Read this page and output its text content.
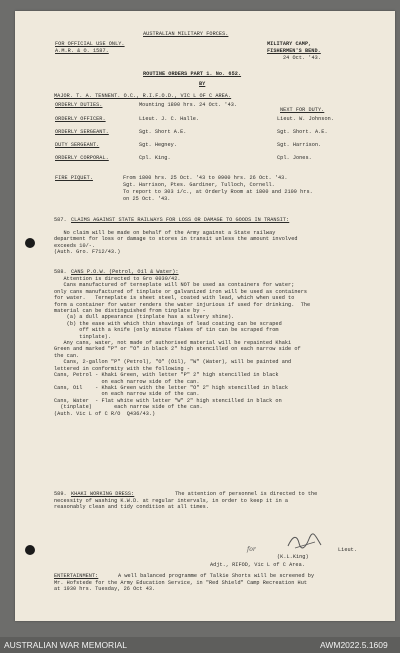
AUSTRALIAN MILITARY FORCES.
FOR OFFICIAL USE ONLY.
A.M.R. & O. 1587.
MILITARY CAMP,
FISHERMEN'S BEND.
24 Oct. '43.
ROUTINE ORDERS PART 1. No. 652.
BY
MAJOR. T. A. TENNENT. O.C., R.I.F.O.D., VIC L OF C AREA.
NEXT FOR DUTY.
ORDERLY DUTIES.	Mounting 1800 hrs. 24 Oct. '43.
ORDERLY OFFICER.	Lieut. J. C. Halle.	Lieut. W. Johnson.
ORDERLY SERGEANT.	Sgt. Short A.E.	Sgt. Short. A.E.
DUTY SERGEANT.	Sgt. Hegney.	Sgt. Harrison.
ORDERLY CORPORAL.	Cpl. King.	Cpl. Jones.
FIRE PIQUET.	From 1800 hrs. 25 Oct. '43 to 0900 hrs. 26 Oct. '43.
Sgt. Harrison, Ptes. Gardiner, Tulloch, Cornell.
To report to 303 i/c., at Orderly Room at 1800 and 2100 hrs.
on 25 Oct. '43.
587. CLAIMS AGAINST STATE RAILWAYS FOR LOSS OR DAMAGE TO GOODS IN TRANSIT:
No claim will be made on behalf of the Army against a State railway
department for loss or damage to stores in transit unless the amount involved
exceeds 10/-.
(Auth. Gro. F712/43.)
588. CANS P.O.W. (Petrol, Oil & Water):
Attention is directed to Gro 0030/42.
Cans manufactured of terneplate will NOT be used as containers for water;
only cans manufactured of tinplate or galvanized iron will be used as containers
for water.   Terneplate is sheet steel, coated with lead, which when used to
form a container for water renders the water injurious if used for drinking.  The
material can be distinguished from tinplate by -
(a) a dull appearance (tinplate has a silvery shine).
(b) the ease with which thin shavings of lead coating can be scraped
off with a knife (only minute flakes of tin can be scraped from
tinplate).
Any cans, water, not made of authorised material will be repainted Khaki
Green and marked "P" or "O" in black 2" high stencilled on each narrow side of
the can.
Cans, 2-gallon "P" (Petrol), "O" (Oil), "W" (Water), will be painted and
lettered in conformity with the following -
Cans, Petrol - Khaki Green, with letter "P" 2" high stencilled in black
on each narrow side of the can.
Cans, Oil    - Khaki Green with the letter "O" 2" high stencilled in black
on each narrow side of the can.
Cans, Water  - Flat white with letter "W" 2" high stencilled in black on
(tinplate)       each narrow side of the can.
(Auth. Vic L of C R/O  Q436/43.)
589. KHAKI WORKING DRESS:	The attention of personnel is directed to the
necessity of washing K.W.D. at regular intervals, in order to keep it in a
reasonably clean and tidy condition at all times.
for	Lieut.
(K.L.King)
Adjt., RIFOD, Vic L of C Area.
ENTERTAINMENT:	A well balanced programme of Talkie Shorts will be screened by
Mr. Hofstede for the Army Education Service, in "Red Shield" Camp Recreation Hut
at 1930 hrs. Tuesday, 26 Oct 43.
AUSTRALIAN WAR MEMORIAL	AWM2022.5.1609
